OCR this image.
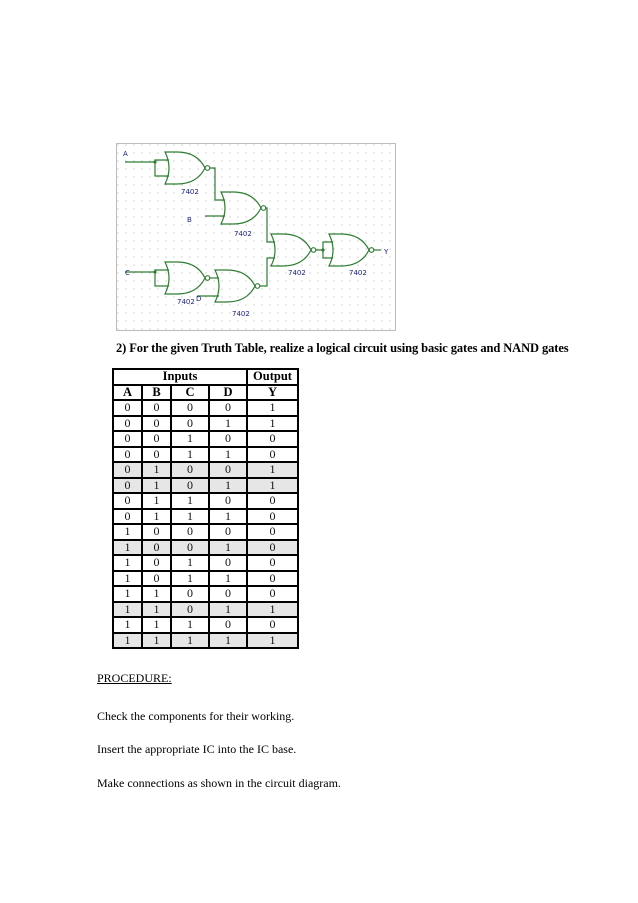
A
B
C
D
Y
7402
7402
7402
7402
7402	7402
2) For the given Truth Table, realize a logical circuit using basic gates and NAND gates
Inputs				Output
A	B	C	D	Y
0	0	0	0	1
0	0	0	1	1
0	0	1	0	0
0	0	1	1	0
0	1	0	0	1
0	1	0	1	1
0	1	1	0	0
0	1	1	1	0
1	0	0	0	0
1	0	0	1	0
1	0	1	0	0
1	0	1	1	0
1	1	0	0	0
1	1	0	1	1
1	1	1	0	0
1	1	1	1	1
PROCEDURE:
Check the components for their working.
Insert the appropriate IC into the IC base.
Make connections as shown in the circuit diagram.
